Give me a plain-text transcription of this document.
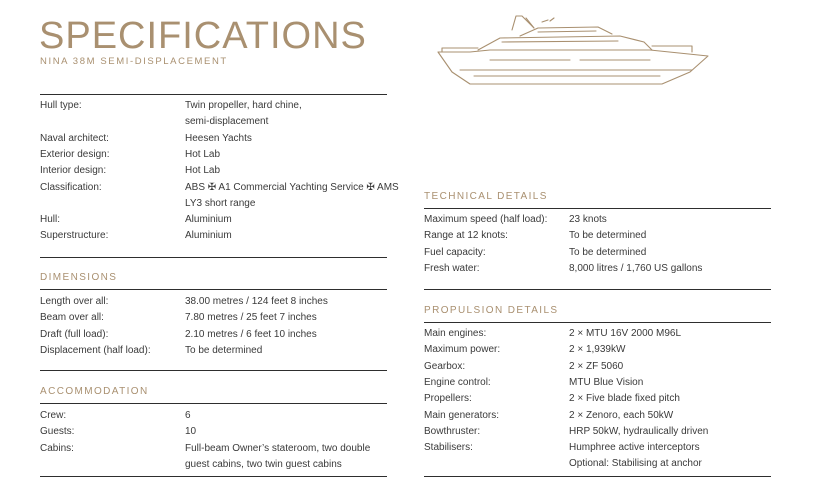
SPECIFICATIONS
NINA 38M SEMI-DISPLACEMENT
Hull type:	Twin propeller, hard chine,
semi-displacement
Naval architect:	Heesen Yachts
Exterior design:	Hot Lab
Interior design:	Hot Lab
Classification:	ABS ✠ A1 Commercial Yachting Service ✠ AMS
LY3 short range
Hull:	Aluminium
Superstructure:	Aluminium
DIMENSIONS
Length over all:	38.00 metres / 124 feet 8 inches
Beam over all:	7.80 metres / 25 feet 7 inches
Draft (full load):	2.10 metres / 6 feet 10 inches
Displacement (half load):	To be determined
ACCOMMODATION
Crew:	6
Guests:	10
Cabins:	Full-beam Owner’s stateroom, two double
guest cabins, two twin guest cabins
TECHNICAL DETAILS
Maximum speed (half load): 23 knots
Range at 12 knots:	To be determined
Fuel capacity:	To be determined
Fresh water:	8,000 litres / 1,760 US gallons
PROPULSION DETAILS
Main engines:	2 × MTU 16V 2000 M96L
Maximum power:	2 × 1,939kW
Gearbox:	2 × ZF 5060
Engine control:	MTU Blue Vision
Propellers:	2 × Five blade fixed pitch
Main generators:	2 × Zenoro, each 50kW
Bowthruster:	HRP 50kW, hydraulically driven
Stabilisers:	Humphree active interceptors
Optional: Stabilising at anchor
